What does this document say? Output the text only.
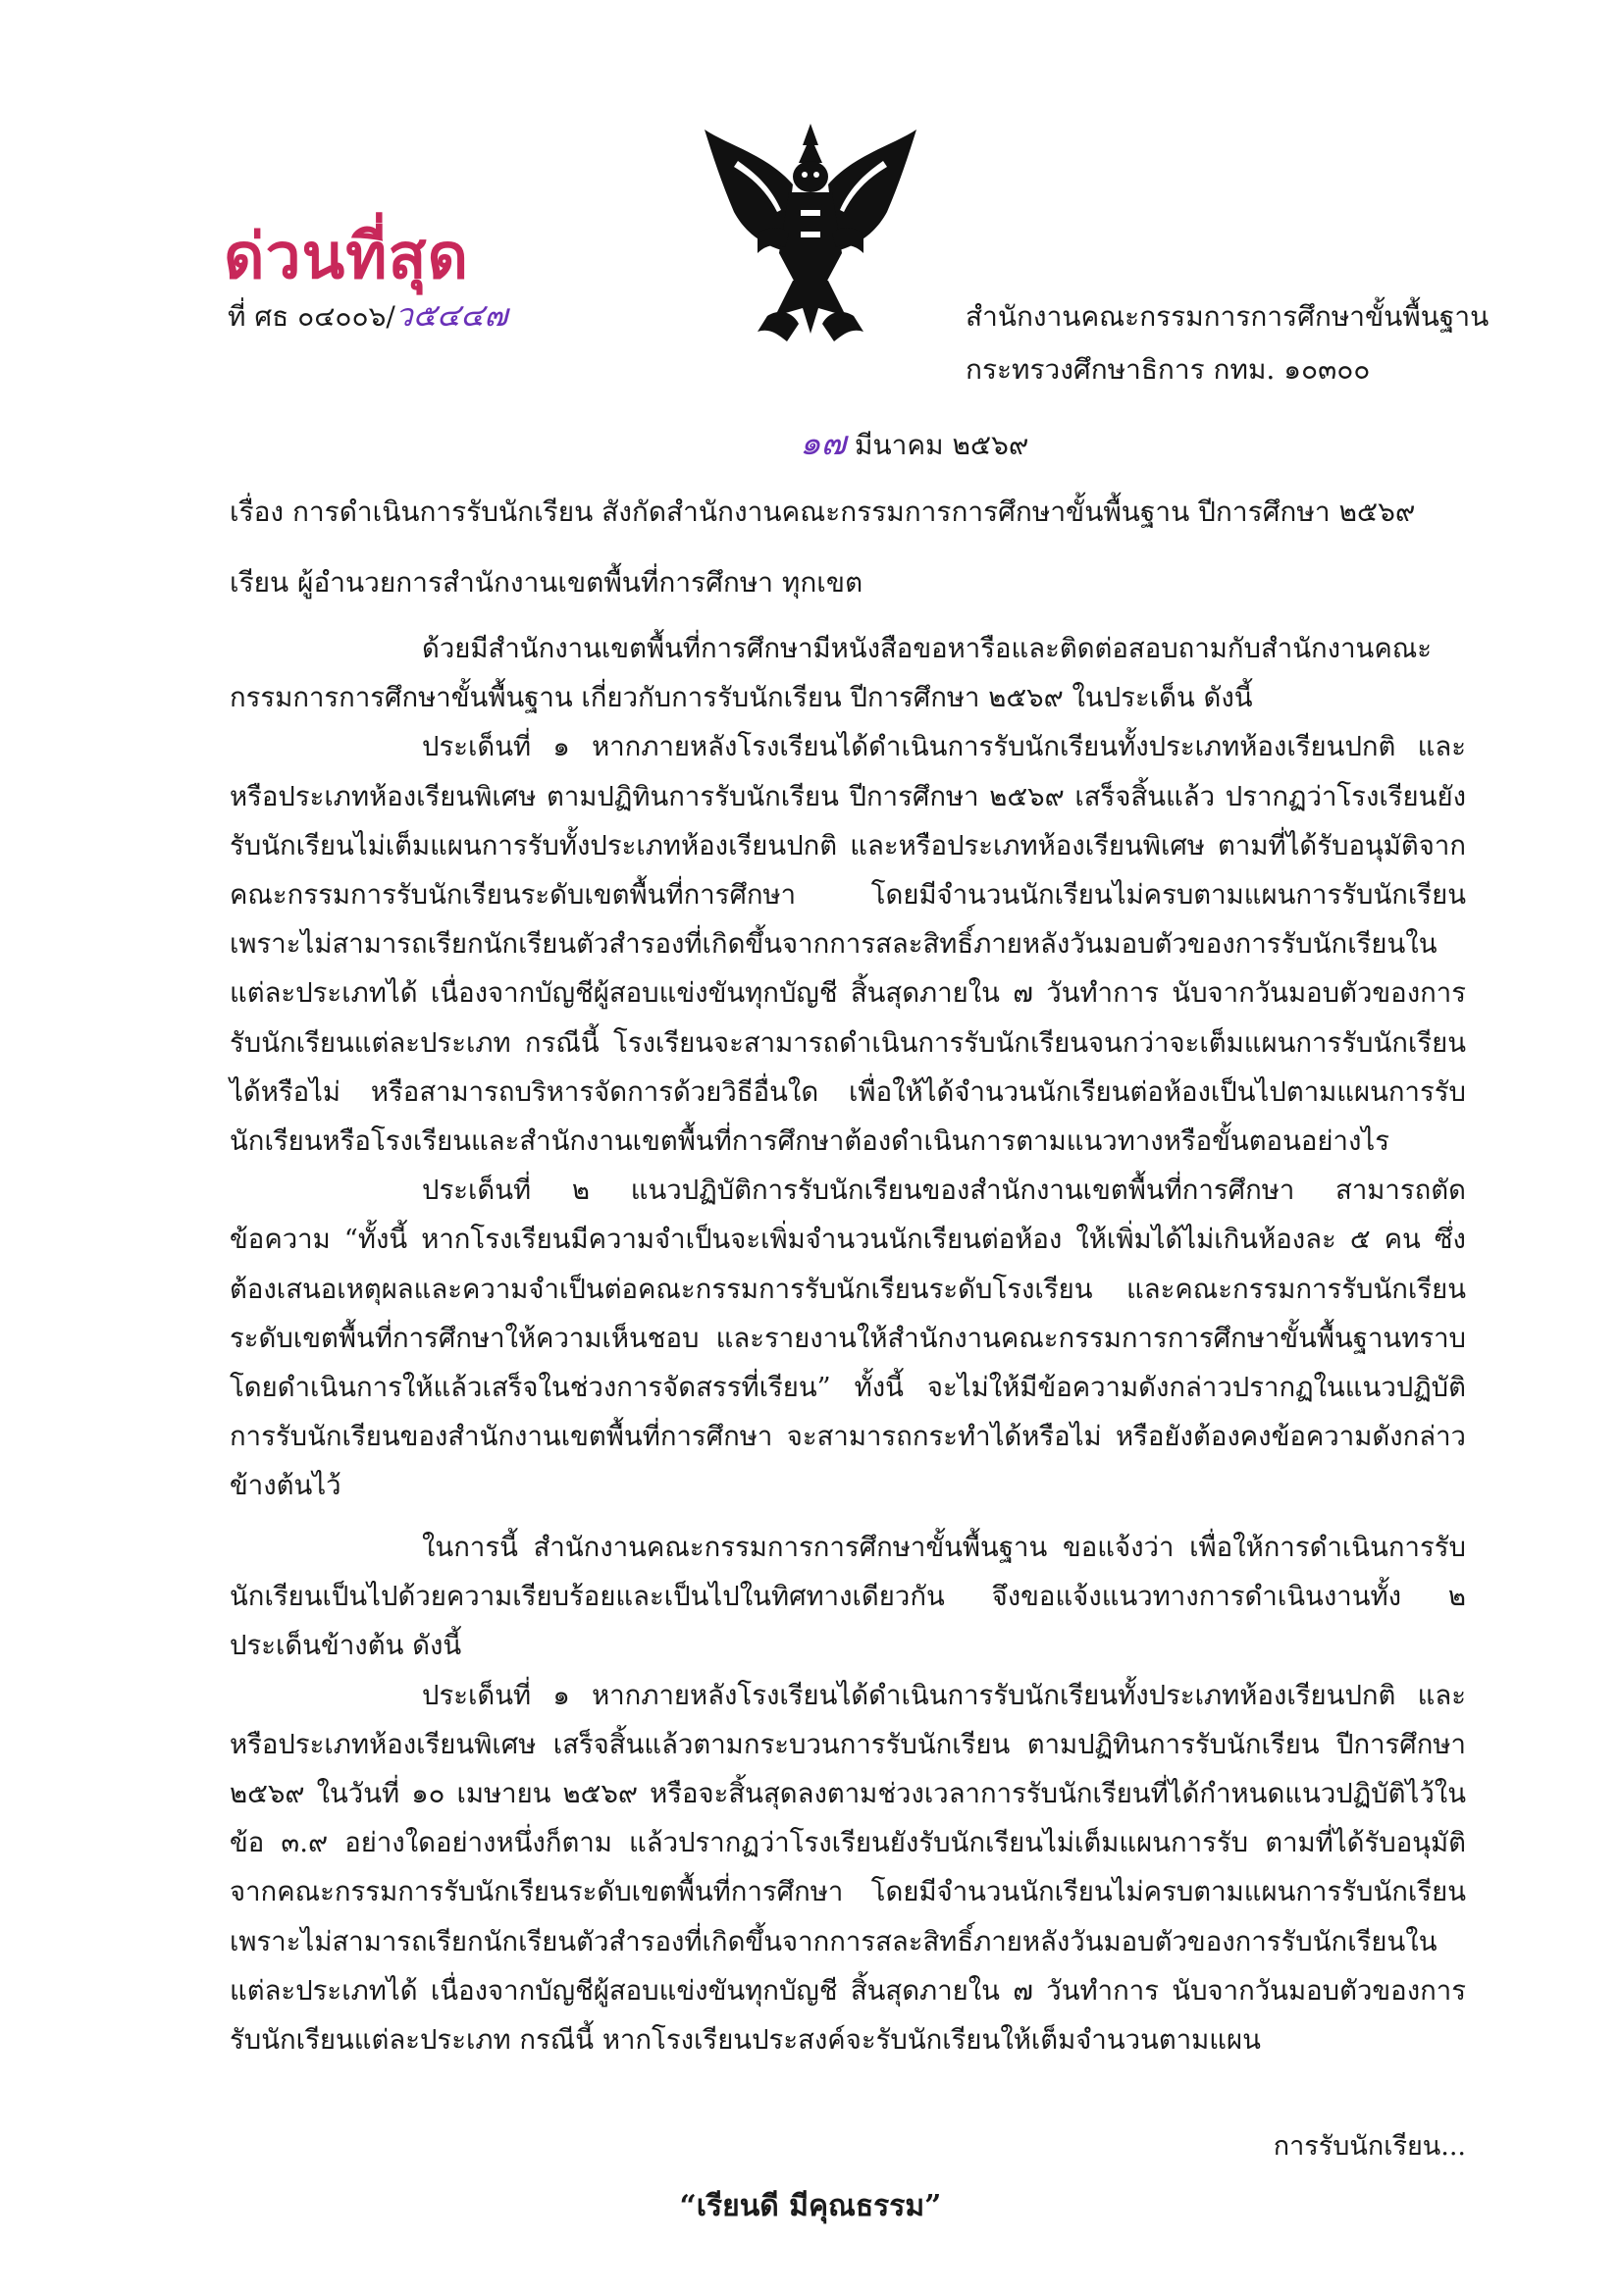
ด่วนที่สุด
ที่ ศธ ๐๔๐๐๖/ว๕๔๔๗	สำนักงานคณะกรรมการการศึกษาขั้นพื้นฐาน
กระทรวงศึกษาธิการ กทม. ๑๐๓๐๐
๑๗ มีนาคม ๒๕๖๙
เรื่อง การดำเนินการรับนักเรียน สังกัดสำนักงานคณะกรรมการการศึกษาขั้นพื้นฐาน ปีการศึกษา ๒๕๖๙
เรียน ผู้อำนวยการสำนักงานเขตพื้นที่การศึกษา ทุกเขต

ด้วยมีสำนักงานเขตพื้นที่การศึกษามีหนังสือขอหารือและติดต่อสอบถามกับสำนักงานคณะกรรมการการศึกษาขั้นพื้นฐาน เกี่ยวกับการรับนักเรียน ปีการศึกษา ๒๕๖๙ ในประเด็น ดังนี้

ประเด็นที่ ๑ หากภายหลังโรงเรียนได้ดำเนินการรับนักเรียนทั้งประเภทห้องเรียนปกติ และหรือประเภทห้องเรียนพิเศษ ตามปฏิทินการรับนักเรียน ปีการศึกษา ๒๕๖๙ เสร็จสิ้นแล้ว ปรากฏว่าโรงเรียนยังรับนักเรียนไม่เต็มแผนการรับทั้งประเภทห้องเรียนปกติ และหรือประเภทห้องเรียนพิเศษ ตามที่ได้รับอนุมัติจากคณะกรรมการรับนักเรียนระดับเขตพื้นที่การศึกษา โดยมีจำนวนนักเรียนไม่ครบตามแผนการรับนักเรียนเพราะไม่สามารถเรียกนักเรียนตัวสำรองที่เกิดขึ้นจากการสละสิทธิ์ภายหลังวันมอบตัวของการรับนักเรียนในแต่ละประเภทได้ เนื่องจากบัญชีผู้สอบแข่งขันทุกบัญชี สิ้นสุดภายใน ๗ วันทำการ นับจากวันมอบตัวของการรับนักเรียนแต่ละประเภท กรณีนี้ โรงเรียนจะสามารถดำเนินการรับนักเรียนจนกว่าจะเต็มแผนการรับนักเรียนได้หรือไม่ หรือสามารถบริหารจัดการด้วยวิธีอื่นใด เพื่อให้ได้จำนวนนักเรียนต่อห้องเป็นไปตามแผนการรับนักเรียนหรือโรงเรียนและสำนักงานเขตพื้นที่การศึกษาต้องดำเนินการตามแนวทางหรือขั้นตอนอย่างไร

ประเด็นที่ ๒ แนวปฏิบัติการรับนักเรียนของสำนักงานเขตพื้นที่การศึกษา สามารถตัดข้อความ “ทั้งนี้ หากโรงเรียนมีความจำเป็นจะเพิ่มจำนวนนักเรียนต่อห้อง ให้เพิ่มได้ไม่เกินห้องละ ๕ คน ซึ่งต้องเสนอเหตุผลและความจำเป็นต่อคณะกรรมการรับนักเรียนระดับโรงเรียน และคณะกรรมการรับนักเรียนระดับเขตพื้นที่การศึกษาให้ความเห็นชอบ และรายงานให้สำนักงานคณะกรรมการการศึกษาขั้นพื้นฐานทราบโดยดำเนินการให้แล้วเสร็จในช่วงการจัดสรรที่เรียน” ทั้งนี้ จะไม่ให้มีข้อความดังกล่าวปรากฏในแนวปฏิบัติการรับนักเรียนของสำนักงานเขตพื้นที่การศึกษา จะสามารถกระทำได้หรือไม่ หรือยังต้องคงข้อความดังกล่าวข้างต้นไว้

ในการนี้ สำนักงานคณะกรรมการการศึกษาขั้นพื้นฐาน ขอแจ้งว่า เพื่อให้การดำเนินการรับนักเรียนเป็นไปด้วยความเรียบร้อยและเป็นไปในทิศทางเดียวกัน จึงขอแจ้งแนวทางการดำเนินงานทั้ง ๒ ประเด็นข้างต้น ดังนี้

ประเด็นที่ ๑ หากภายหลังโรงเรียนได้ดำเนินการรับนักเรียนทั้งประเภทห้องเรียนปกติ และหรือประเภทห้องเรียนพิเศษ เสร็จสิ้นแล้วตามกระบวนการรับนักเรียน ตามปฏิทินการรับนักเรียน ปีการศึกษา ๒๕๖๙ ในวันที่ ๑๐ เมษายน ๒๕๖๙ หรือจะสิ้นสุดลงตามช่วงเวลาการรับนักเรียนที่ได้กำหนดแนวปฏิบัติไว้ในข้อ ๓.๙ อย่างใดอย่างหนึ่งก็ตาม แล้วปรากฏว่าโรงเรียนยังรับนักเรียนไม่เต็มแผนการรับ ตามที่ได้รับอนุมัติจากคณะกรรมการรับนักเรียนระดับเขตพื้นที่การศึกษา โดยมีจำนวนนักเรียนไม่ครบตามแผนการรับนักเรียนเพราะไม่สามารถเรียกนักเรียนตัวสำรองที่เกิดขึ้นจากการสละสิทธิ์ภายหลังวันมอบตัวของการรับนักเรียนในแต่ละประเภทได้ เนื่องจากบัญชีผู้สอบแข่งขันทุกบัญชี สิ้นสุดภายใน ๗ วันทำการ นับจากวันมอบตัวของการรับนักเรียนแต่ละประเภท กรณีนี้ หากโรงเรียนประสงค์จะรับนักเรียนให้เต็มจำนวนตามแผน

การรับนักเรียน...
“เรียนดี มีคุณธรรม”
